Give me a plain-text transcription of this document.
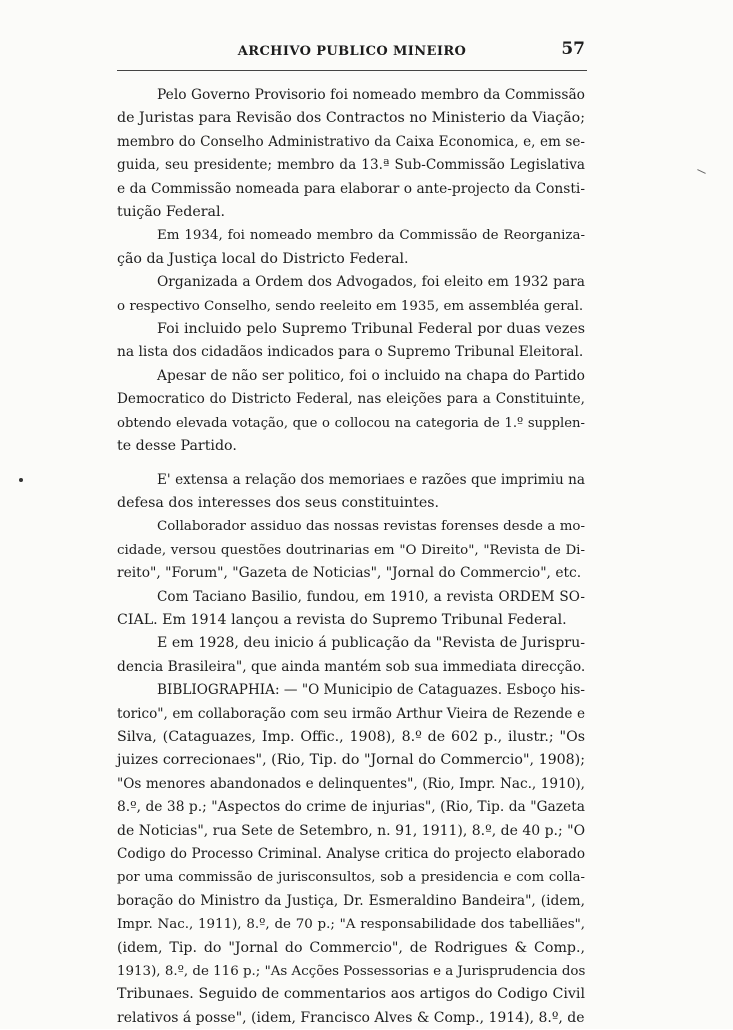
ARCHIVO PUBLICO MINEIRO	57
Pelo Governo Provisorio foi nomeado membro da Commissão
de Juristas para Revisão dos Contractos no Ministerio da Viação;
membro do Conselho Administrativo da Caixa Economica, e, em se-
guida, seu presidente; membro da 13.ª Sub-Commissão Legislativa
e da Commissão nomeada para elaborar o ante-projecto da Consti-
tuição Federal.
Em 1934, foi nomeado membro da Commissão de Reorganiza-
ção da Justiça local do Districto Federal.
Organizada a Ordem dos Advogados, foi eleito em 1932 para
o respectivo Conselho, sendo reeleito em 1935, em assembléa geral.
Foi incluido pelo Supremo Tribunal Federal por duas vezes
na lista dos cidadãos indicados para o Supremo Tribunal Eleitoral.
Apesar de não ser politico, foi o incluido na chapa do Partido
Democratico do Districto Federal, nas eleições para a Constituinte,
obtendo elevada votação, que o collocou na categoria de 1.º supplen-
te desse Partido.
E' extensa a relação dos memoriaes e razões que imprimiu na
defesa dos interesses dos seus constituintes.
Collaborador assiduo das nossas revistas forenses desde a mo-
cidade, versou questões doutrinarias em "O Direito", "Revista de Di-
reito", "Forum", "Gazeta de Noticias", "Jornal do Commercio", etc.
Com Taciano Basilio, fundou, em 1910, a revista ORDEM SO-
CIAL. Em 1914 lançou a revista do Supremo Tribunal Federal.
E em 1928, deu inicio á publicação da "Revista de Jurispru-
dencia Brasileira", que ainda mantém sob sua immediata direcção.
BIBLIOGRAPHIA: — "O Municipio de Cataguazes. Esboço his-
torico", em collaboração com seu irmão Arthur Vieira de Rezende e
Silva, (Cataguazes, Imp. Offic., 1908), 8.º de 602 p., ilustr.; "Os
juizes correcionaes", (Rio, Tip. do "Jornal do Commercio", 1908);
"Os menores abandonados e delinquentes", (Rio, Impr. Nac., 1910),
8.º, de 38 p.; "Aspectos do crime de injurias", (Rio, Tip. da "Gazeta
de Noticias", rua Sete de Setembro, n. 91, 1911), 8.º, de 40 p.; "O
Codigo do Processo Criminal. Analyse critica do projecto elaborado
por uma commissão de jurisconsultos, sob a presidencia e com colla-
boração do Ministro da Justiça, Dr. Esmeraldino Bandeira", (idem,
Impr. Nac., 1911), 8.º, de 70 p.; "A responsabilidade dos tabelliães",
(idem, Tip. do "Jornal do Commercio", de Rodrigues & Comp.,
1913), 8.º, de 116 p.; "As Acções Possessorias e a Jurisprudencia dos
Tribunaes. Seguido de commentarios aos artigos do Codigo Civil
relativos á posse", (idem, Francisco Alves & Comp., 1914), 8.º, de
